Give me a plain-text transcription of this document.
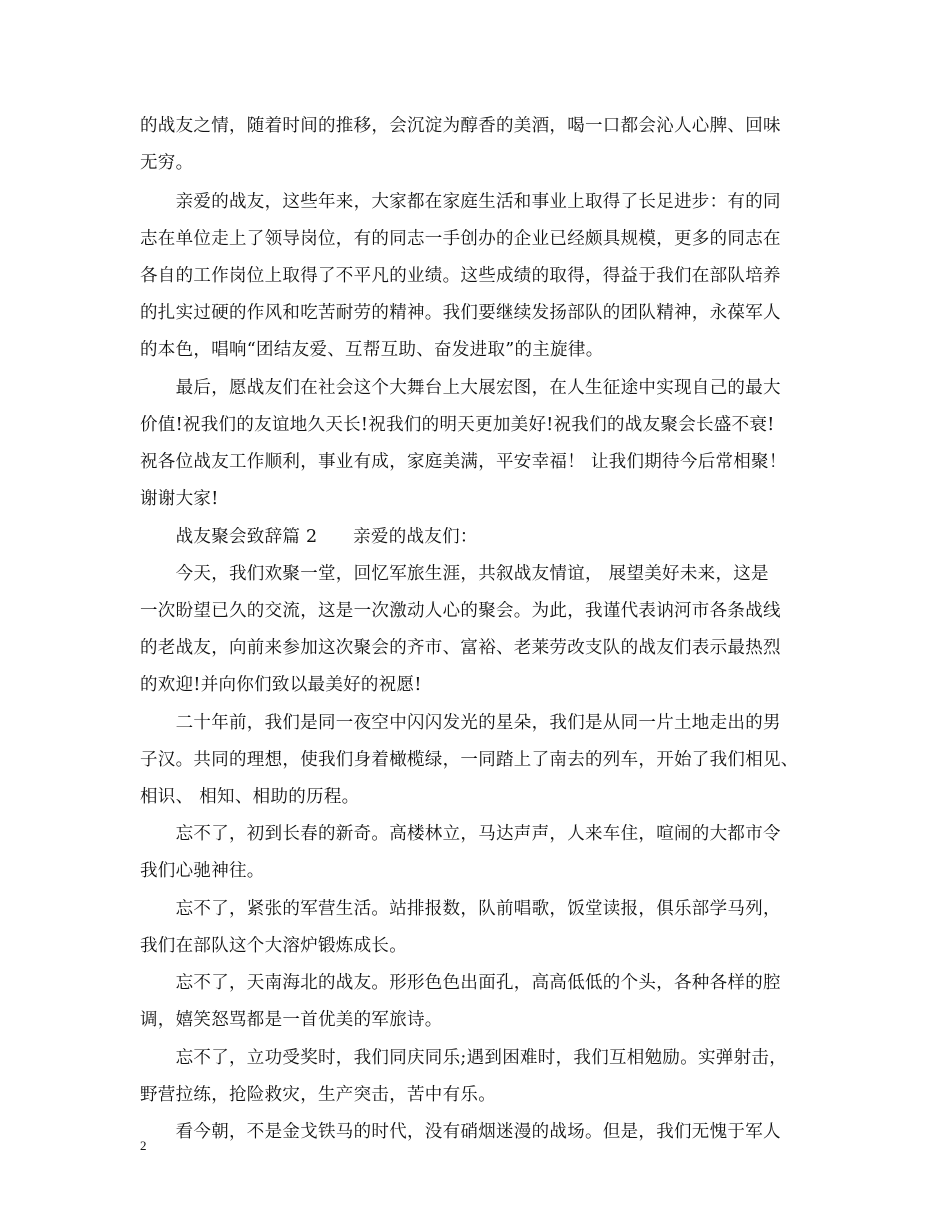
的战友之情，随着时间的推移，会沉淀为醇香的美酒，喝一口都会沁人心脾、回味
无穷。
　　亲爱的战友，这些年来，大家都在家庭生活和事业上取得了长足进步：有的同
志在单位走上了领导岗位，有的同志一手创办的企业已经颇具规模，更多的同志在
各自的工作岗位上取得了不平凡的业绩。这些成绩的取得，得益于我们在部队培养
的扎实过硬的作风和吃苦耐劳的精神。我们要继续发扬部队的团队精神，永葆军人
的本色，唱响“团结友爱、互帮互助、奋发进取”的主旋律。
　　最后，愿战友们在社会这个大舞台上大展宏图，在人生征途中实现自己的最大
价值!祝我们的友谊地久天长!祝我们的明天更加美好!祝我们的战友聚会长盛不衰!
祝各位战友工作顺利，事业有成，家庭美满，平安幸福！ 让我们期待今后常相聚！
谢谢大家!
　　战友聚会致辞篇 2　　亲爱的战友们：
　　今天，我们欢聚一堂，回忆军旅生涯，共叙战友情谊， 展望美好未来，这是
一次盼望已久的交流，这是一次激动人心的聚会。为此，我谨代表讷河市各条战线
的老战友，向前来参加这次聚会的齐市、富裕、老莱劳改支队的战友们表示最热烈
的欢迎!并向你们致以最美好的祝愿!
　　二十年前，我们是同一夜空中闪闪发光的星朵，我们是从同一片土地走出的男
子汉。共同的理想，使我们身着橄榄绿，一同踏上了南去的列车，开始了我们相见、
相识、 相知、相助的历程。
　　忘不了，初到长春的新奇。高楼林立，马达声声，人来车住，喧闹的大都市令
我们心驰神往。
　　忘不了，紧张的军营生活。站排报数，队前唱歌，饭堂读报，俱乐部学马列，
我们在部队这个大溶炉锻炼成长。
　　忘不了，天南海北的战友。形形色色出面孔，高高低低的个头，各种各样的腔
调，嬉笑怒骂都是一首优美的军旅诗。
　　忘不了，立功受奖时，我们同庆同乐;遇到困难时，我们互相勉励。实弹射击，
野营拉练，抢险救灾，生产突击，苦中有乐。
　　看今朝，不是金戈铁马的时代，没有硝烟迷漫的战场。但是，我们无愧于军人
2
